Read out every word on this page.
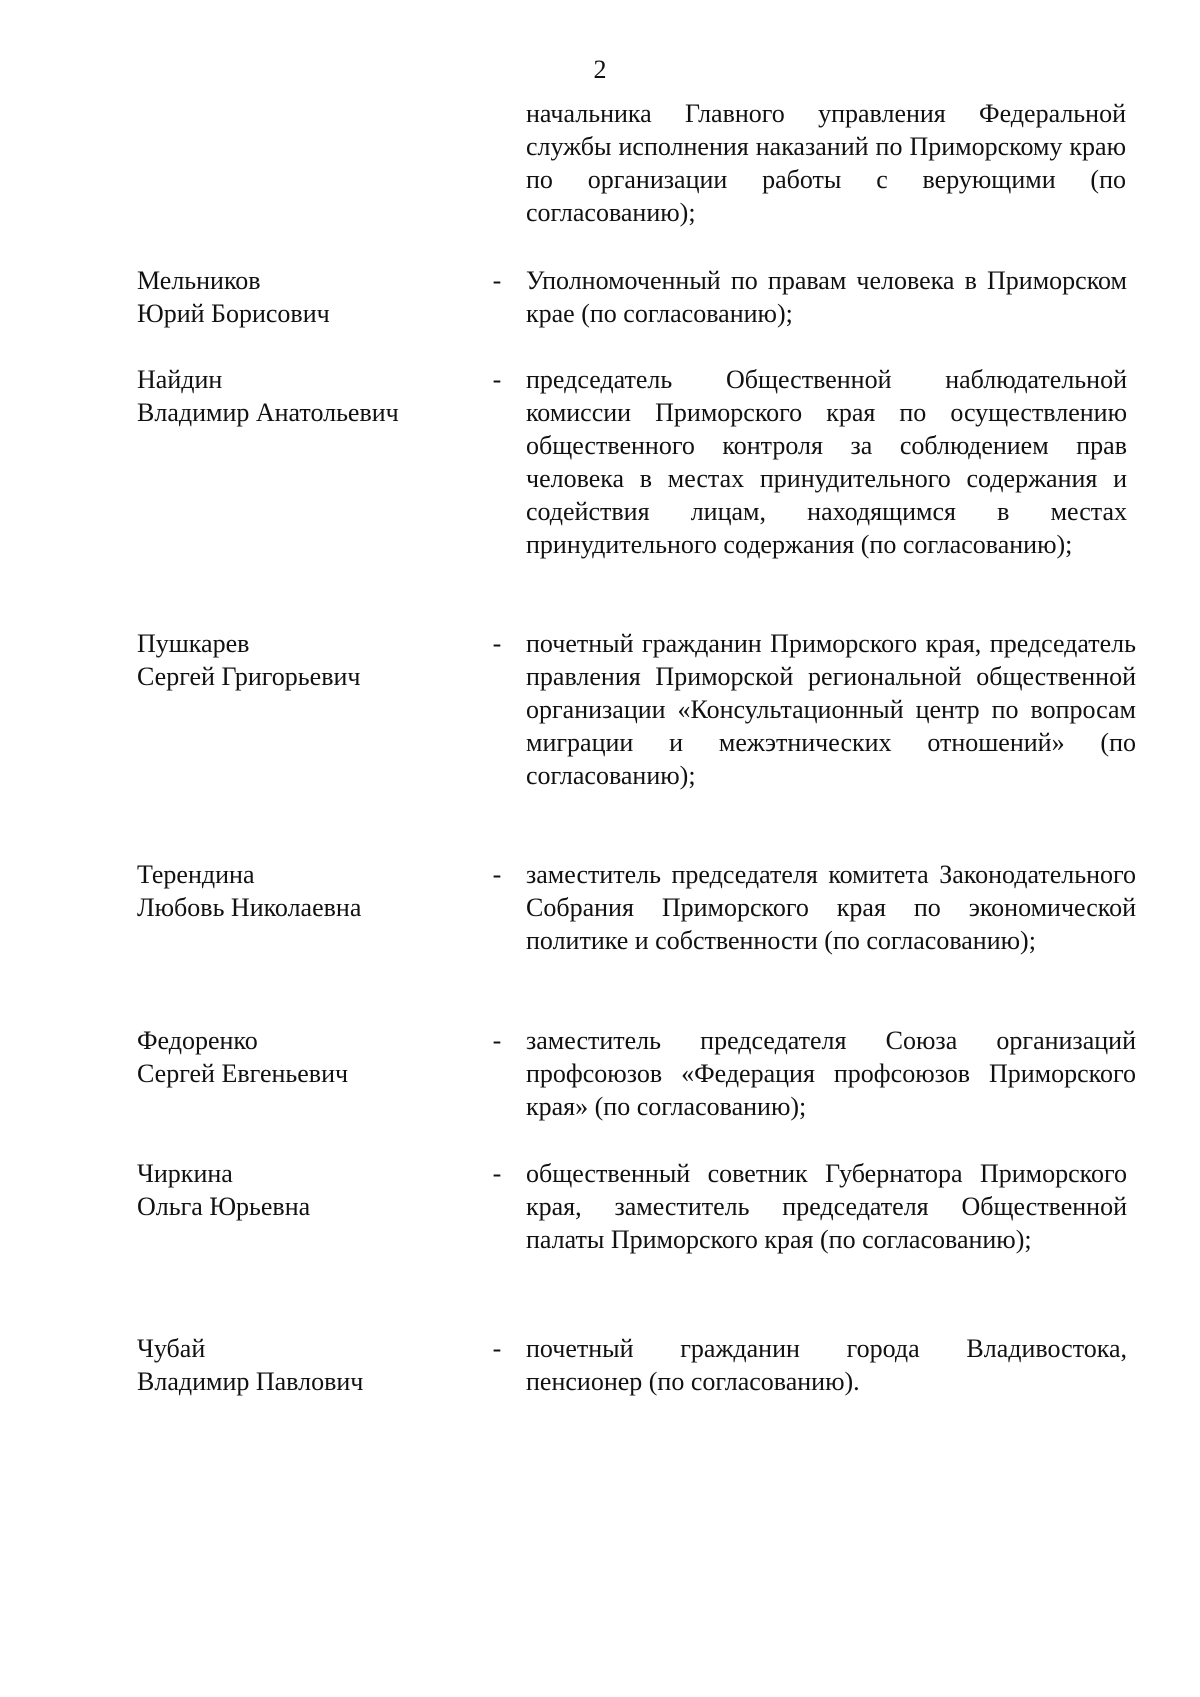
2
начальника Главного управления Федеральной службы исполнения наказаний по Приморскому краю по организации работы с верующими (по согласованию);
Мельников
Юрий Борисович
- Уполномоченный по правам человека в Приморском крае (по согласованию);
Найдин
Владимир Анатольевич
- председатель Общественной наблюдательной комиссии Приморского края по осуществлению общественного контроля за соблюдением прав человека в местах принудительного содержания и содействия лицам, находящимся в местах принудительного содержания (по согласованию);
Пушкарев
Сергей Григорьевич
- почетный гражданин Приморского края, председатель правления Приморской региональной общественной организации «Консультационный центр по вопросам миграции и межэтнических отношений» (по согласованию);
Терендина
Любовь Николаевна
- заместитель председателя комитета Законодательного Собрания Приморского края по экономической политике и собственности (по согласованию);
Федоренко
Сергей Евгеньевич
- заместитель председателя Союза организаций профсоюзов «Федерация профсоюзов Приморского края» (по согласованию);
Чиркина
Ольга Юрьевна
- общественный советник Губернатора Приморского края, заместитель председателя Общественной палаты Приморского края (по согласованию);
Чубай
Владимир Павлович
- почетный гражданин города Владивостока, пенсионер (по согласованию).
